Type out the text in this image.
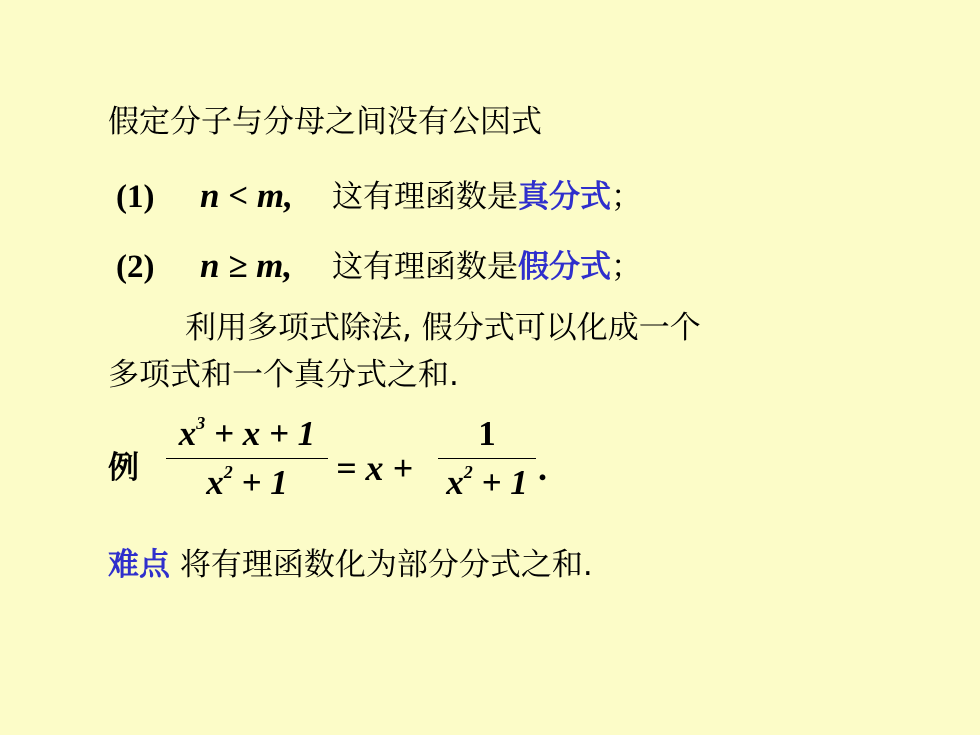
假定分子与分母之间没有公因式
(1) n < m, 这有理函数是真分式；
(2) n ≥ m, 这有理函数是假分式；
利用多项式除法, 假分式可以化成一个
多项式和一个真分式之和.
例
$x^3 + x + 1$
$x^2 + 1$	= x +
1
$x^2 + 1$ .
难点 将有理函数化为部分分式之和.
